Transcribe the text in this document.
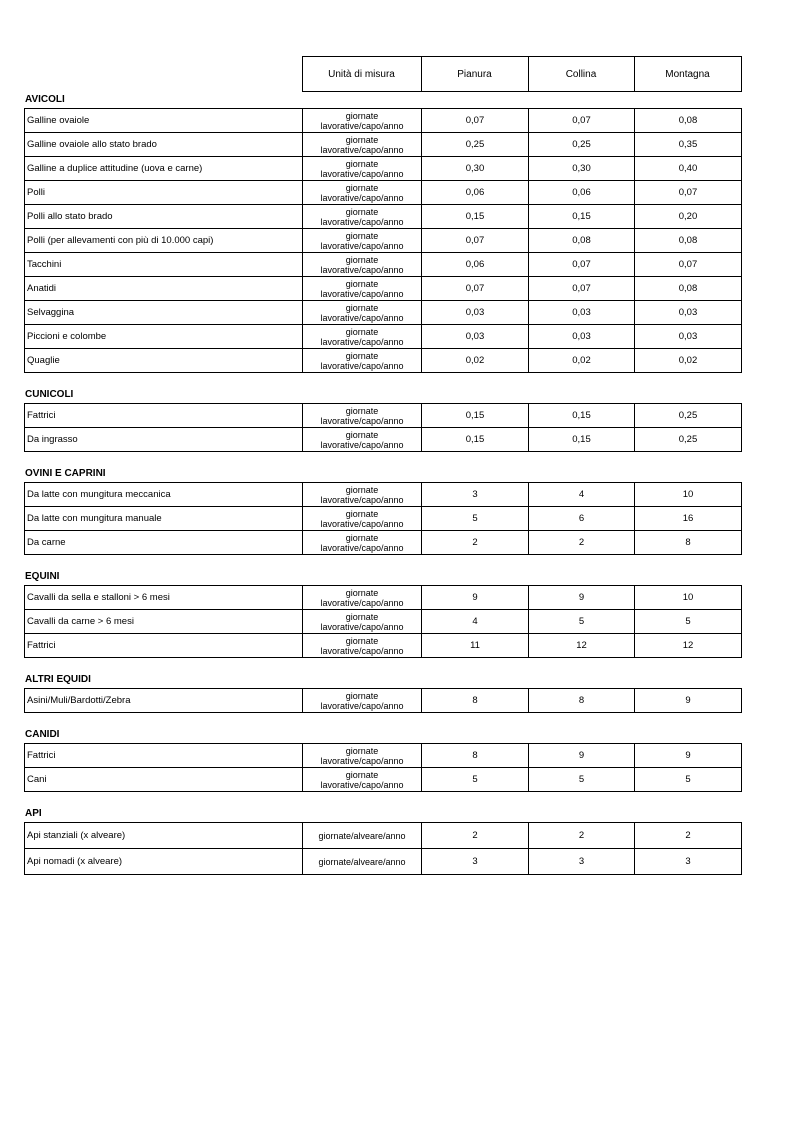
	Unità di misura	Pianura	Collina	Montagna
AVICOLI
Galline ovaiole	giornate lavorative/capo/anno	0,07	0,07	0,08
Galline ovaiole allo stato brado	giornate lavorative/capo/anno	0,25	0,25	0,35
Galline a duplice attitudine (uova e carne)	giornate lavorative/capo/anno	0,30	0,30	0,40
Polli	giornate lavorative/capo/anno	0,06	0,06	0,07
Polli allo stato brado	giornate lavorative/capo/anno	0,15	0,15	0,20
Polli (per allevamenti con più di 10.000 capi)	giornate lavorative/capo/anno	0,07	0,08	0,08
Tacchini	giornate lavorative/capo/anno	0,06	0,07	0,07
Anatidi	giornate lavorative/capo/anno	0,07	0,07	0,08
Selvaggina	giornate lavorative/capo/anno	0,03	0,03	0,03
Piccioni e colombe	giornate lavorative/capo/anno	0,03	0,03	0,03
Quaglie	giornate lavorative/capo/anno	0,02	0,02	0,02
CUNICOLI
Fattrici	giornate lavorative/capo/anno	0,15	0,15	0,25
Da ingrasso	giornate lavorative/capo/anno	0,15	0,15	0,25
OVINI E CAPRINI
Da latte con mungitura meccanica	giornate lavorative/capo/anno	3	4	10
Da latte con mungitura manuale	giornate lavorative/capo/anno	5	6	16
Da carne	giornate lavorative/capo/anno	2	2	8
EQUINI
Cavalli da sella e stalloni > 6 mesi	giornate lavorative/capo/anno	9	9	10
Cavalli da carne > 6 mesi	giornate lavorative/capo/anno	4	5	5
Fattrici	giornate lavorative/capo/anno	11	12	12
ALTRI EQUIDI
Asini/Muli/Bardotti/Zebra	giornate lavorative/capo/anno	8	8	9
CANIDI
Fattrici	giornate lavorative/capo/anno	8	9	9
Cani	giornate lavorative/capo/anno	5	5	5
API
Api stanziali (x alveare)	giornate/alveare/anno	2	2	2
Api nomadi (x alveare)	giornate/alveare/anno	3	3	3
